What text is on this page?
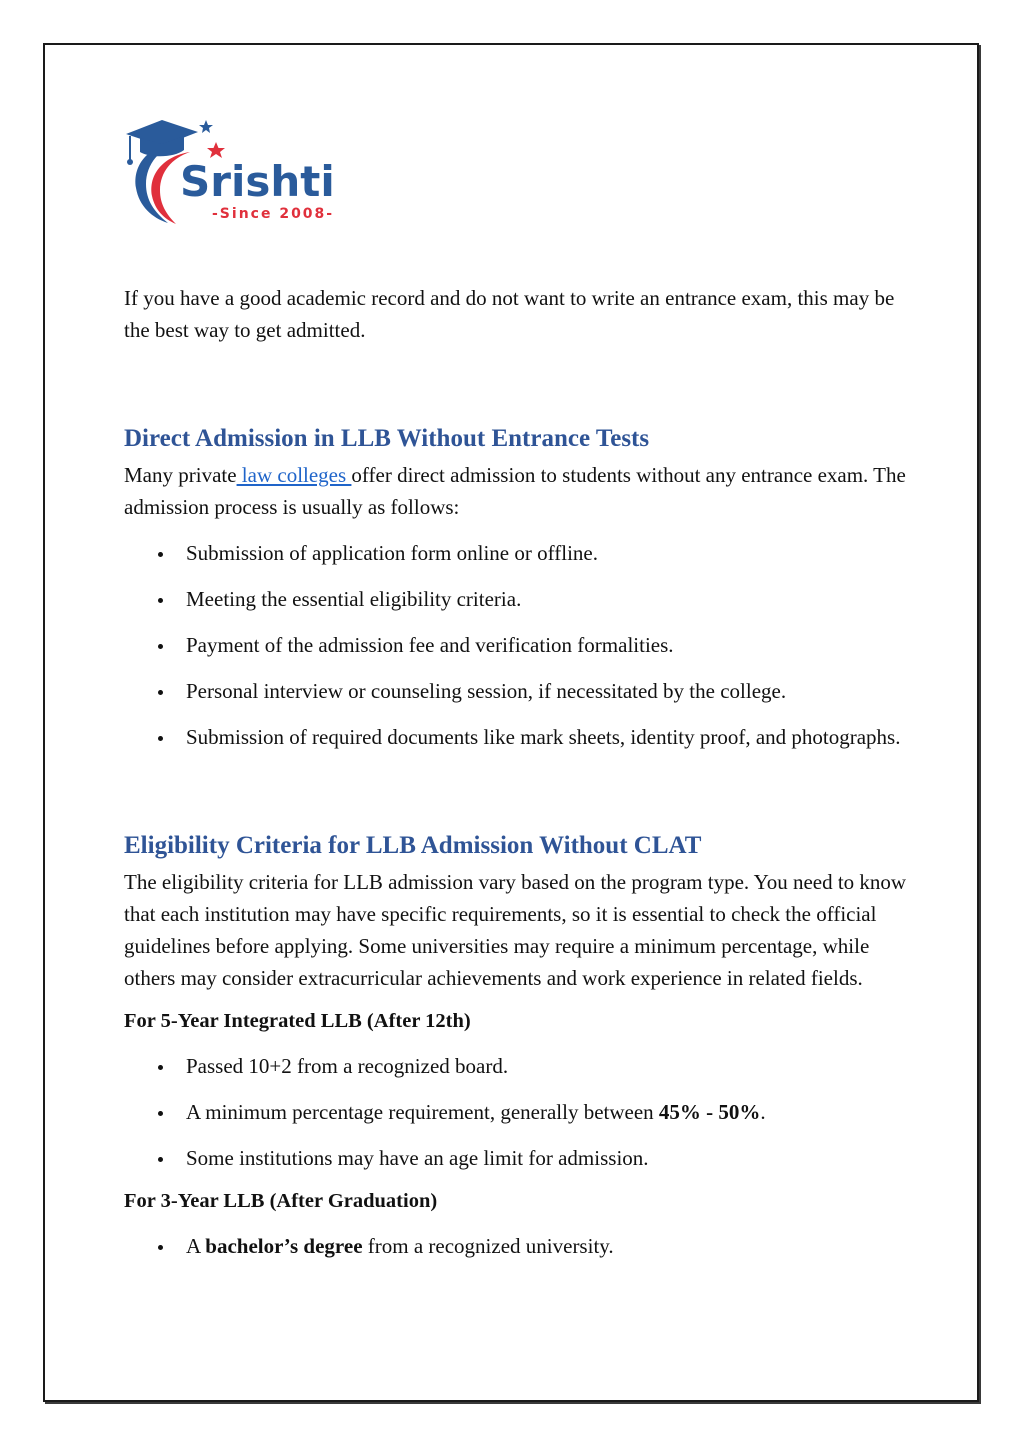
Srishti
-Since 2008-

If you have a good academic record and do not want to write an entrance exam, this may be the best way to get admitted.

Direct Admission in LLB Without Entrance Tests

Many private law colleges offer direct admission to students without any entrance exam. The admission process is usually as follows:

Submission of application form online or offline.
Meeting the essential eligibility criteria.
Payment of the admission fee and verification formalities.
Personal interview or counseling session, if necessitated by the college.
Submission of required documents like mark sheets, identity proof, and photographs.
Eligibility Criteria for LLB Admission Without CLAT

The eligibility criteria for LLB admission vary based on the program type. You need to know that each institution may have specific requirements, so it is essential to check the official guidelines before applying. Some universities may require a minimum percentage, while others may consider extracurricular achievements and work experience in related fields.

For 5-Year Integrated LLB (After 12th)
Passed 10+2 from a recognized board.
A minimum percentage requirement, generally between 45% - 50%.
Some institutions may have an age limit for admission.
For 3-Year LLB (After Graduation)
A bachelor’s degree from a recognized university.
